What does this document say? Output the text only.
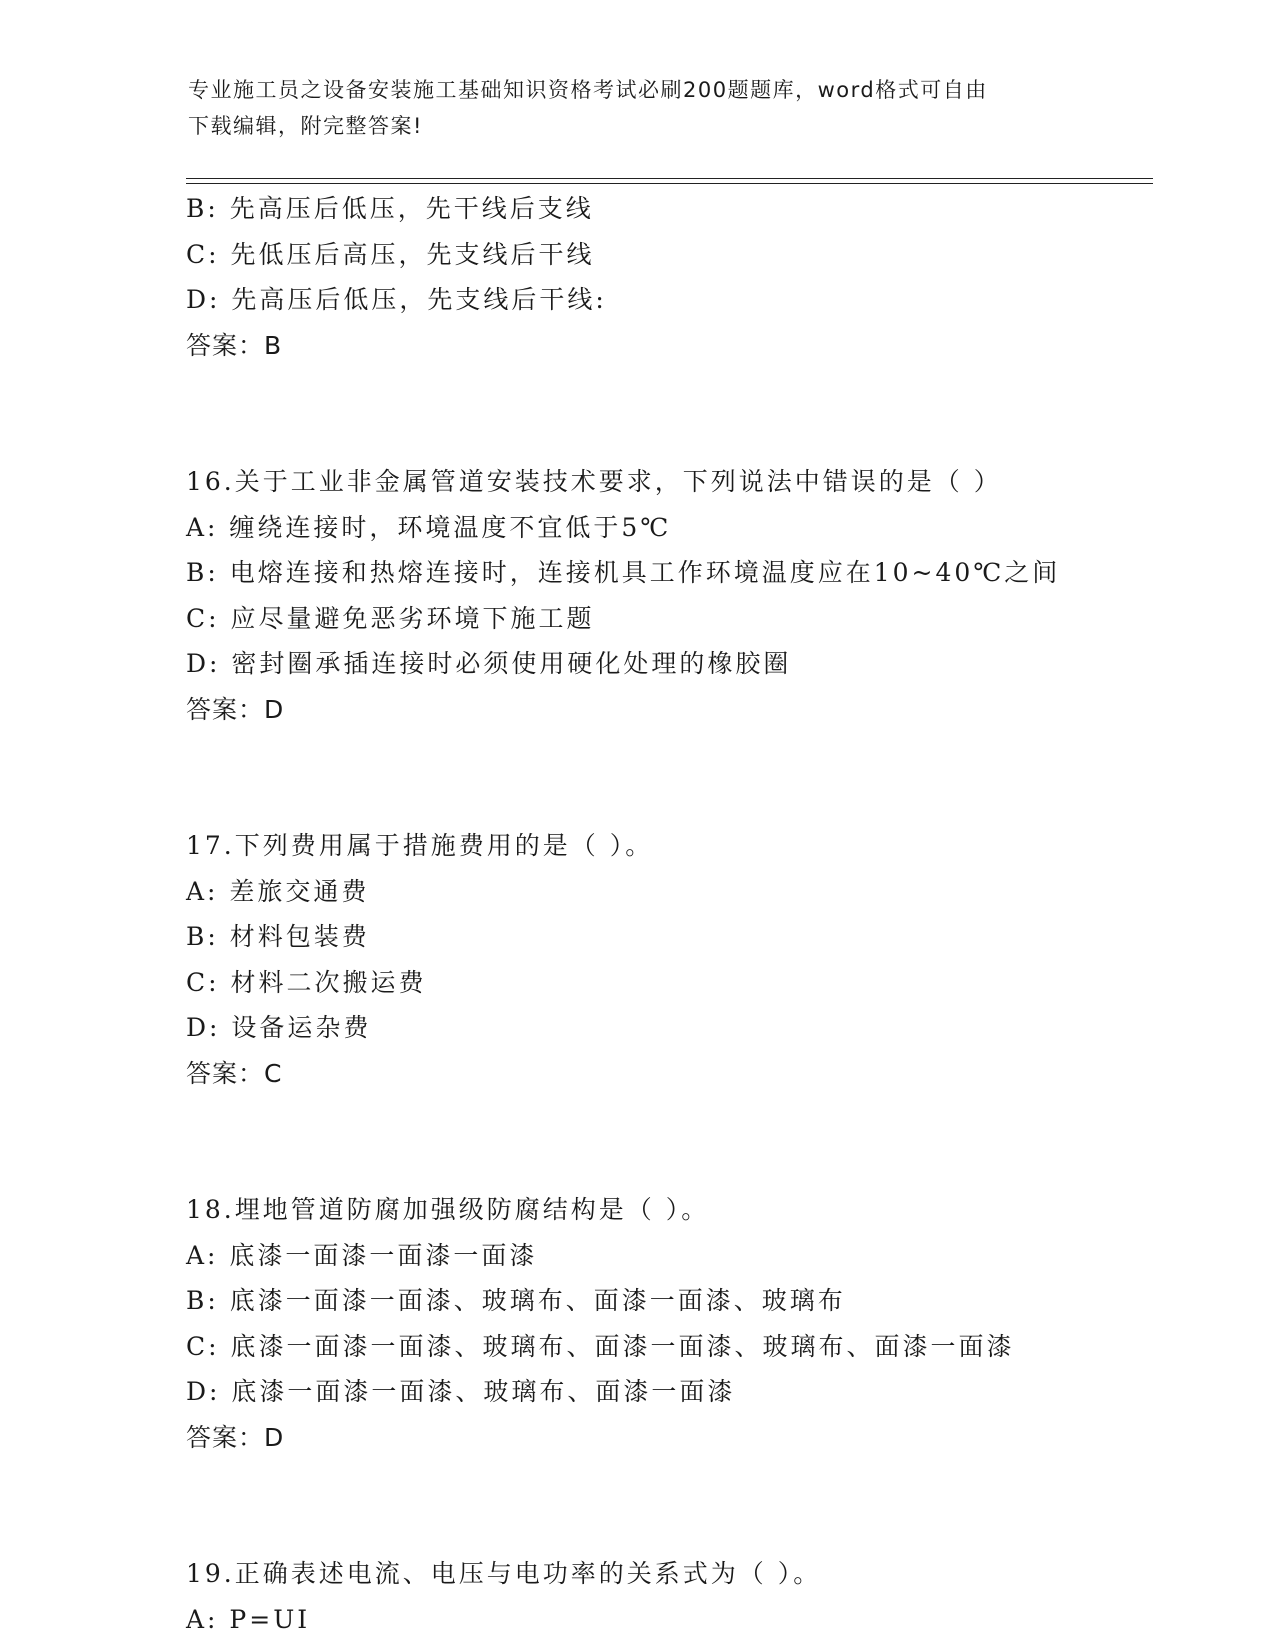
专业施工员之设备安装施工基础知识资格考试必刷200题题库，word格式可自由
下载编辑，附完整答案!
B: 先高压后低压，先干线后支线
C: 先低压后高压，先支线后干线
D: 先高压后低压，先支线后干线:
答案：B
16.关于工业非金属管道安装技术要求，下列说法中错误的是（ ）
A: 缠绕连接时，环境温度不宜低于5℃
B: 电熔连接和热熔连接时，连接机具工作环境温度应在10~40℃之间
C: 应尽量避免恶劣环境下施工题
D: 密封圈承插连接时必须使用硬化处理的橡胶圈
答案：D
17.下列费用属于措施费用的是（ ）。
A: 差旅交通费
B: 材料包装费
C: 材料二次搬运费
D: 设备运杂费
答案：C
18.埋地管道防腐加强级防腐结构是（ ）。
A: 底漆一面漆一面漆一面漆
B: 底漆一面漆一面漆、玻璃布、面漆一面漆、玻璃布
C: 底漆一面漆一面漆、玻璃布、面漆一面漆、玻璃布、面漆一面漆
D: 底漆一面漆一面漆、玻璃布、面漆一面漆
答案：D
19.正确表述电流、电压与电功率的关系式为（ ）。
A: P=UI
